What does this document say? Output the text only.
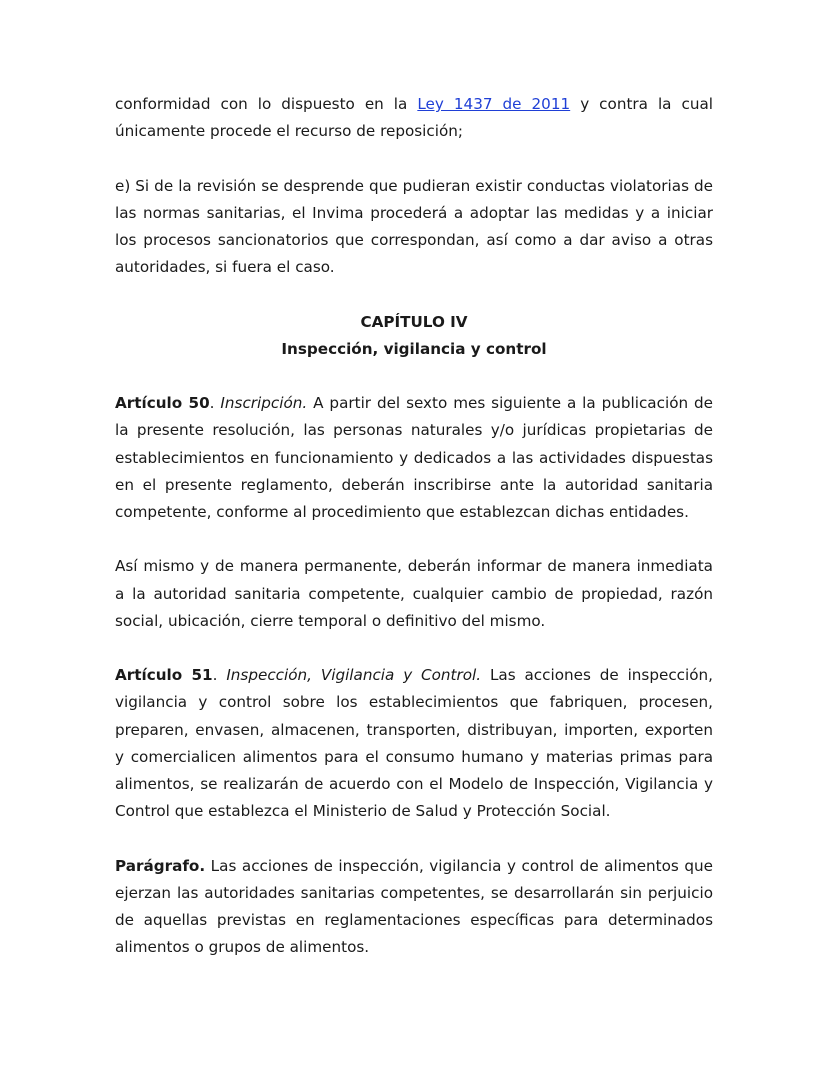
conformidad con lo dispuesto en la Ley 1437 de 2011 y contra la cual únicamente procede el recurso de reposición;

e) Si de la revisión se desprende que pudieran existir conductas violatorias de las normas sanitarias, el Invima procederá a adoptar las medidas y a iniciar los procesos sancionatorios que correspondan, así como a dar aviso a otras autoridades, si fuera el caso.

CAPÍTULO IV

Inspección, vigilancia y control

Artículo 50. Inscripción. A partir del sexto mes siguiente a la publicación de la presente resolución, las personas naturales y/o jurídicas propietarias de establecimientos en funcionamiento y dedicados a las actividades dispuestas en el presente reglamento, deberán inscribirse ante la autoridad sanitaria competente, conforme al procedimiento que establezcan dichas entidades.

Así mismo y de manera permanente, deberán informar de manera inmediata a la autoridad sanitaria competente, cualquier cambio de propiedad, razón social, ubicación, cierre temporal o definitivo del mismo.

Artículo 51. Inspección, Vigilancia y Control. Las acciones de inspección, vigilancia y control sobre los establecimientos que fabriquen, procesen, preparen, envasen, almacenen, transporten, distribuyan, importen, exporten y comercialicen alimentos para el consumo humano y materias primas para alimentos, se realizarán de acuerdo con el Modelo de Inspección, Vigilancia y Control que establezca el Ministerio de Salud y Protección Social.

Parágrafo. Las acciones de inspección, vigilancia y control de alimentos que ejerzan las autoridades sanitarias competentes, se desarrollarán sin perjuicio de aquellas previstas en reglamentaciones específicas para determinados alimentos o grupos de alimentos.
